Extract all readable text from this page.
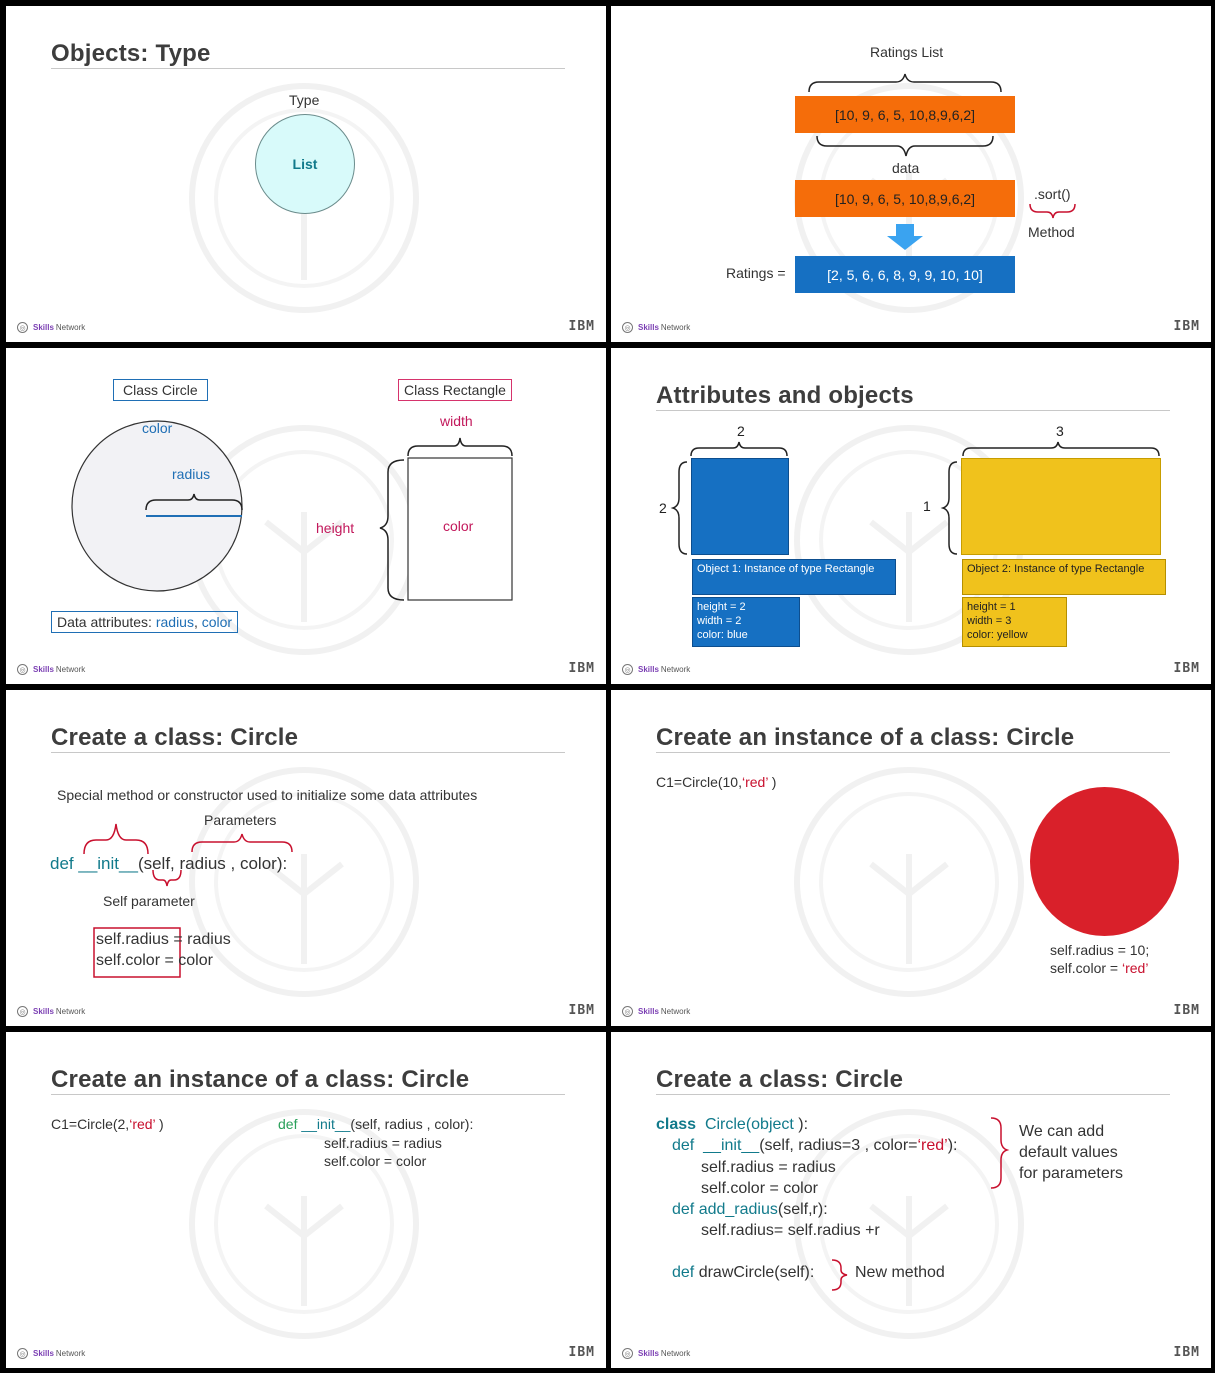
Objects: Type
Type
List
◎ Skills Network	IBM
Ratings List
[10, 9, 6, 5, 10,8,9,6,2]
data
[10, 9, 6, 5, 10,8,9,6,2]	.sort()
Method
Ratings =	[2, 5, 6, 6, 8, 9, 9, 10, 10]
◎ Skills Network	IBM
Class Circle	Class Rectangle
color
radius
width
height	color
Data attributes: radius, color
◎ Skills Network	IBM
Attributes and objects
2
2
Object 1: Instance of type Rectangle
height = 2
width = 2
color: blue
3
1
Object 2: Instance of type Rectangle
height = 1
width = 3
color: yellow
◎ Skills Network	IBM
Create a class: Circle
Special method or constructor used to initialize some data attributes
Parameters
def __init__(self, radius , color):
Self parameter
self.radius = radius
self.color = color
◎ Skills Network	IBM
Create an instance of a class: Circle
C1=Circle(10,‘red’ )
self.radius = 10;
self.color = ‘red’
◎ Skills Network	IBM
Create an instance of a class: Circle
C1=Circle(2,‘red’ )	def __init__(self, radius , color):
self.radius = radius
self.color = color
◎ Skills Network	IBM
Create a class: Circle
class Circle(object ):
def __init__(self, radius=3 , color=‘red’):
self.radius = radius
self.color = color
def add_radius(self,r):
self.radius= self.radius +r
def drawCircle(self):	New method
We can add
default values
for parameters
◎ Skills Network	IBM
